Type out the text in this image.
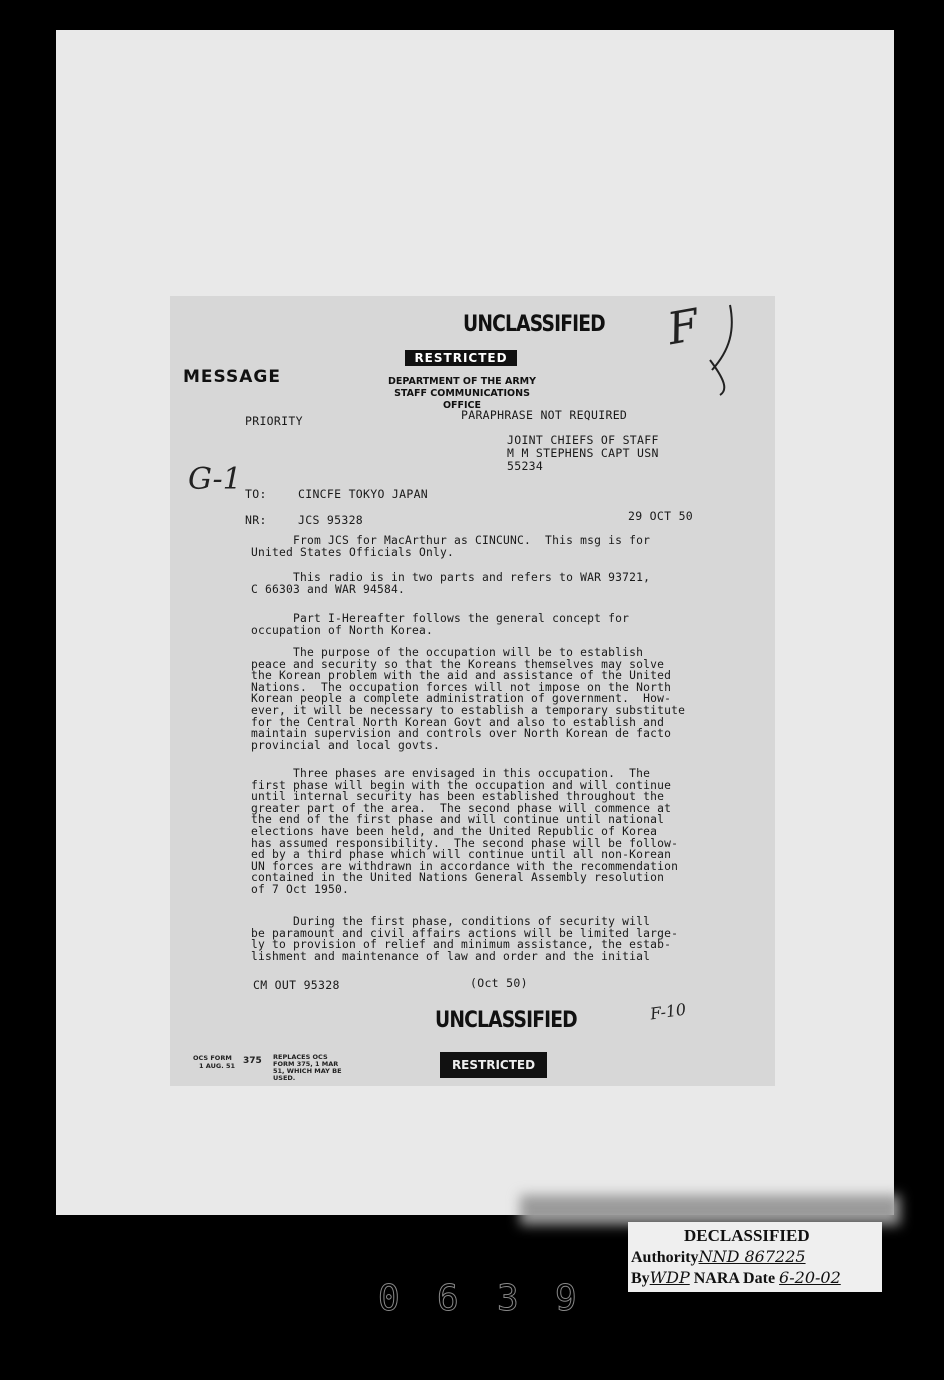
UNCLASSIFIED
RESTRICTED
MESSAGE	DEPARTMENT OF THE ARMY
STAFF COMMUNICATIONS OFFICE
PRIORITY	PARAPHRASE NOT REQUIRED
JOINT CHIEFS OF STAFF
M M STEPHENS CAPT USN
55234
G-1
F
TO:	CINCFE TOKYO JAPAN
NR:	JCS 95328	29 OCT 50
From JCS for MacArthur as CINCUNC.  This msg is for
United States Officials Only.
This radio is in two parts and refers to WAR 93721,
C 66303 and WAR 94584.
Part I-Hereafter follows the general concept for
occupation of North Korea.
The purpose of the occupation will be to establish
peace and security so that the Koreans themselves may solve
the Korean problem with the aid and assistance of the United
Nations.  The occupation forces will not impose on the North
Korean people a complete administration of government.  How-
ever, it will be necessary to establish a temporary substitute
for the Central North Korean Govt and also to establish and
maintain supervision and controls over North Korean de facto
provincial and local govts.
Three phases are envisaged in this occupation.  The
first phase will begin with the occupation and will continue
until internal security has been established throughout the
greater part of the area.  The second phase will commence at
the end of the first phase and will continue until national
elections have been held, and the United Republic of Korea
has assumed responsibility.  The second phase will be follow-
ed by a third phase which will continue until all non-Korean
UN forces are withdrawn in accordance with the recommendation
contained in the United Nations General Assembly resolution
of 7 Oct 1950.
During the first phase, conditions of security will
be paramount and civil affairs actions will be limited large-
ly to provision of relief and minimum assistance, the estab-
lishment and maintenance of law and order and the initial
CM OUT 95328	(Oct 50)
F-10
UNCLASSIFIED
RESTRICTED
OCS FORM
1 AUG. 51 375 REPLACES OCS FORM 375, 1 MAR 51, WHICH MAY BE USED.
DECLASSIFIED
AuthorityNND 867225
ByWDP NARA Date 6-20-02
0 6 3 9
